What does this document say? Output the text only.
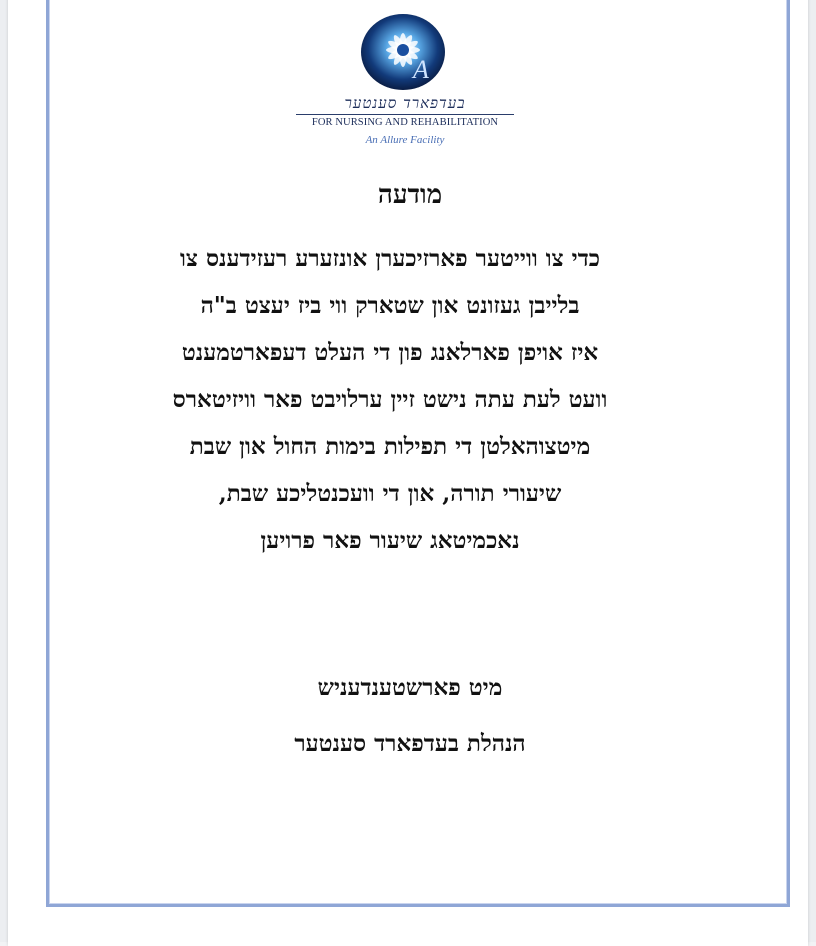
A
בעדפארד סענטער
FOR NURSING AND REHABILITATION
An Allure Facility
מודעה
כדי צו ווייטער פארזיכערן אונזערע רעזידענס צו
בלייבן געזונט און שטארק ווי ביז יעצט ב"ה
איז אויפן פארלאנג פון די העלט דעפארטמענט
וועט לעת עתה נישט זיין ערלויבט פאר וויזיטארס
מיטצוהאלטן די תפילות בימות החול און שבת
שיעורי תורה, און די וועכנטליכע שבת,
נאכמיטאג שיעור פאר פרויען
מיט פארשטענדעניש
הנהלת בעדפארד סענטער
